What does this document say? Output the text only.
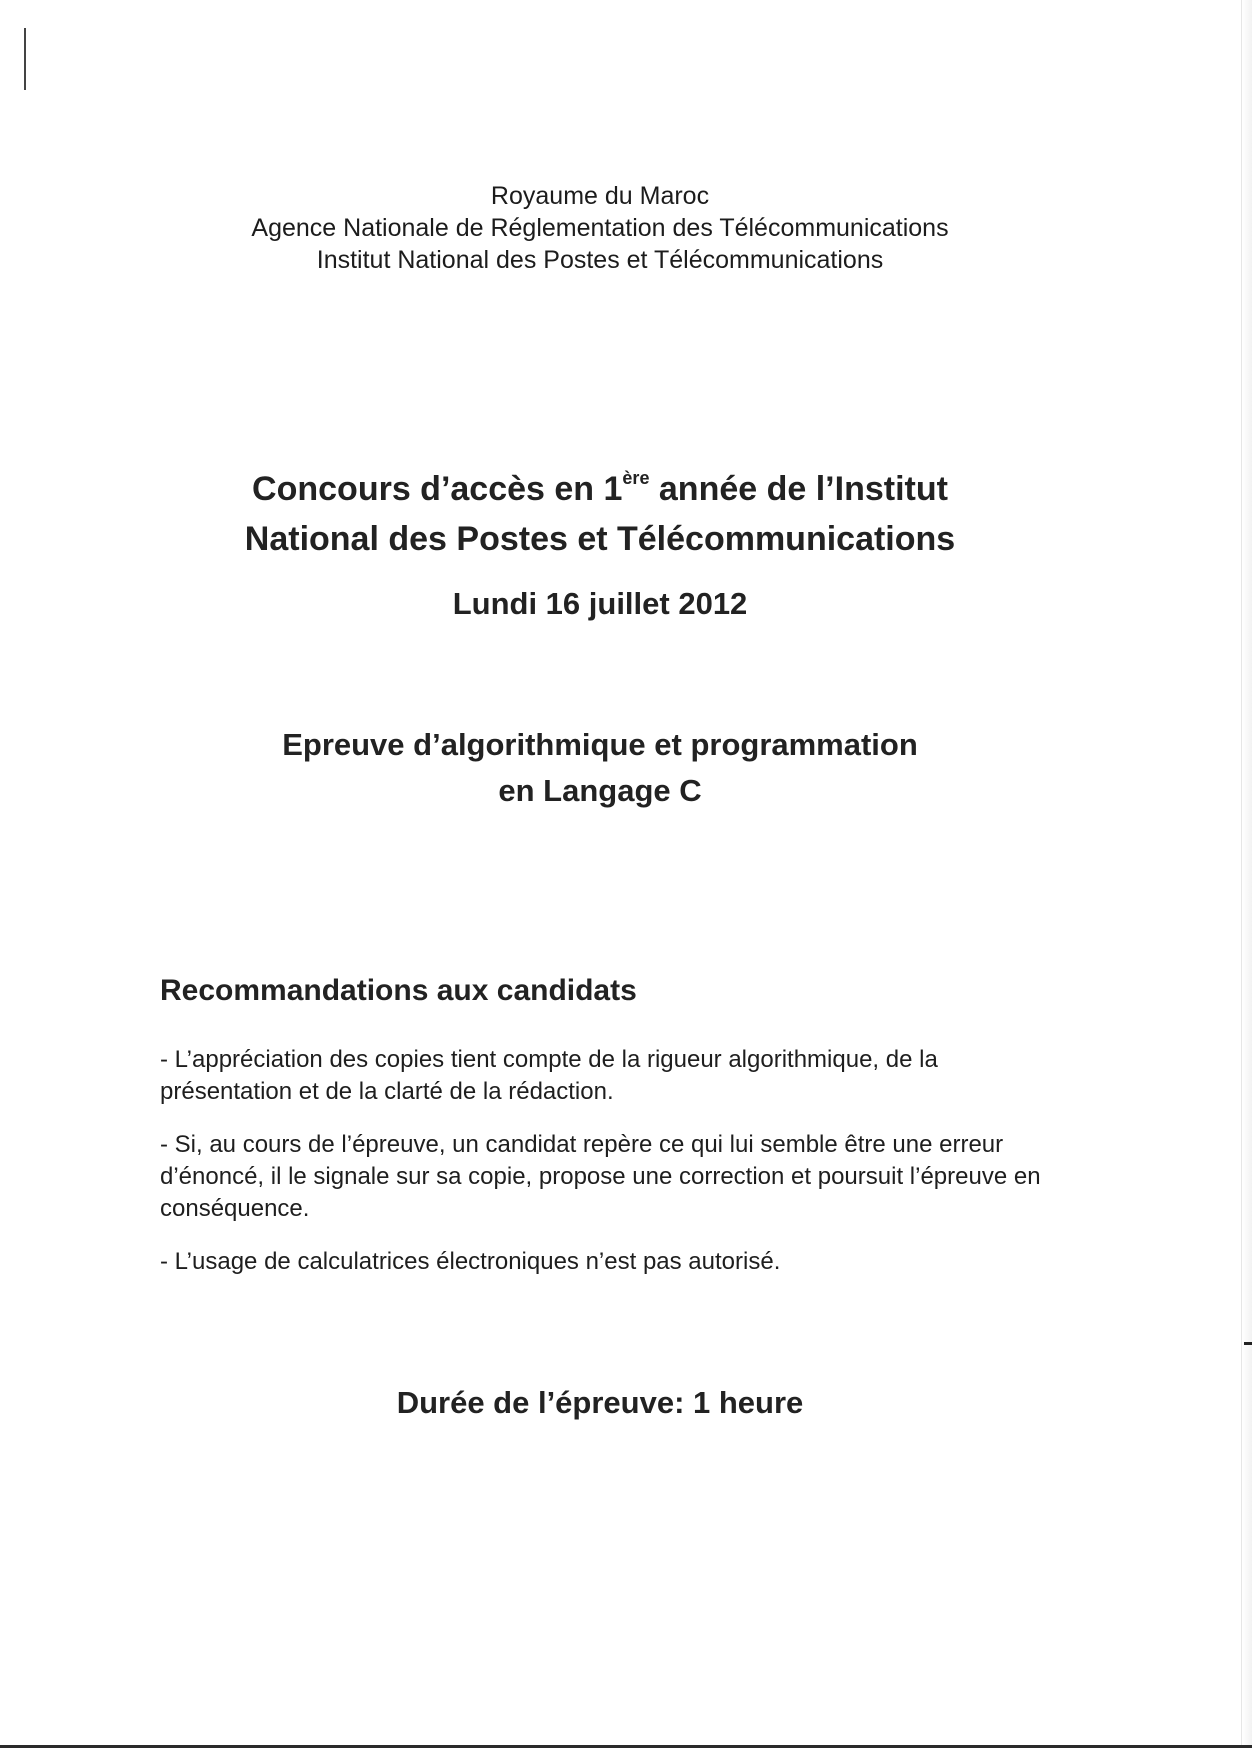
Royaume du Maroc
Agence Nationale de Réglementation des Télécommunications
Institut National des Postes et Télécommunications
Concours d’accès en 1ère année de l’Institut
National des Postes et Télécommunications
Lundi 16 juillet 2012
Epreuve d’algorithmique et programmation
en Langage C
Recommandations aux candidats
- L’appréciation des copies tient compte de la rigueur algorithmique, de la présentation et de la clarté de la rédaction.
- Si, au cours de l’épreuve, un candidat repère ce qui lui semble être une erreur d’énoncé, il le signale sur sa copie, propose une correction et poursuit l’épreuve en conséquence.
- L’usage de calculatrices électroniques n’est pas autorisé.
Durée de l’épreuve: 1 heure
